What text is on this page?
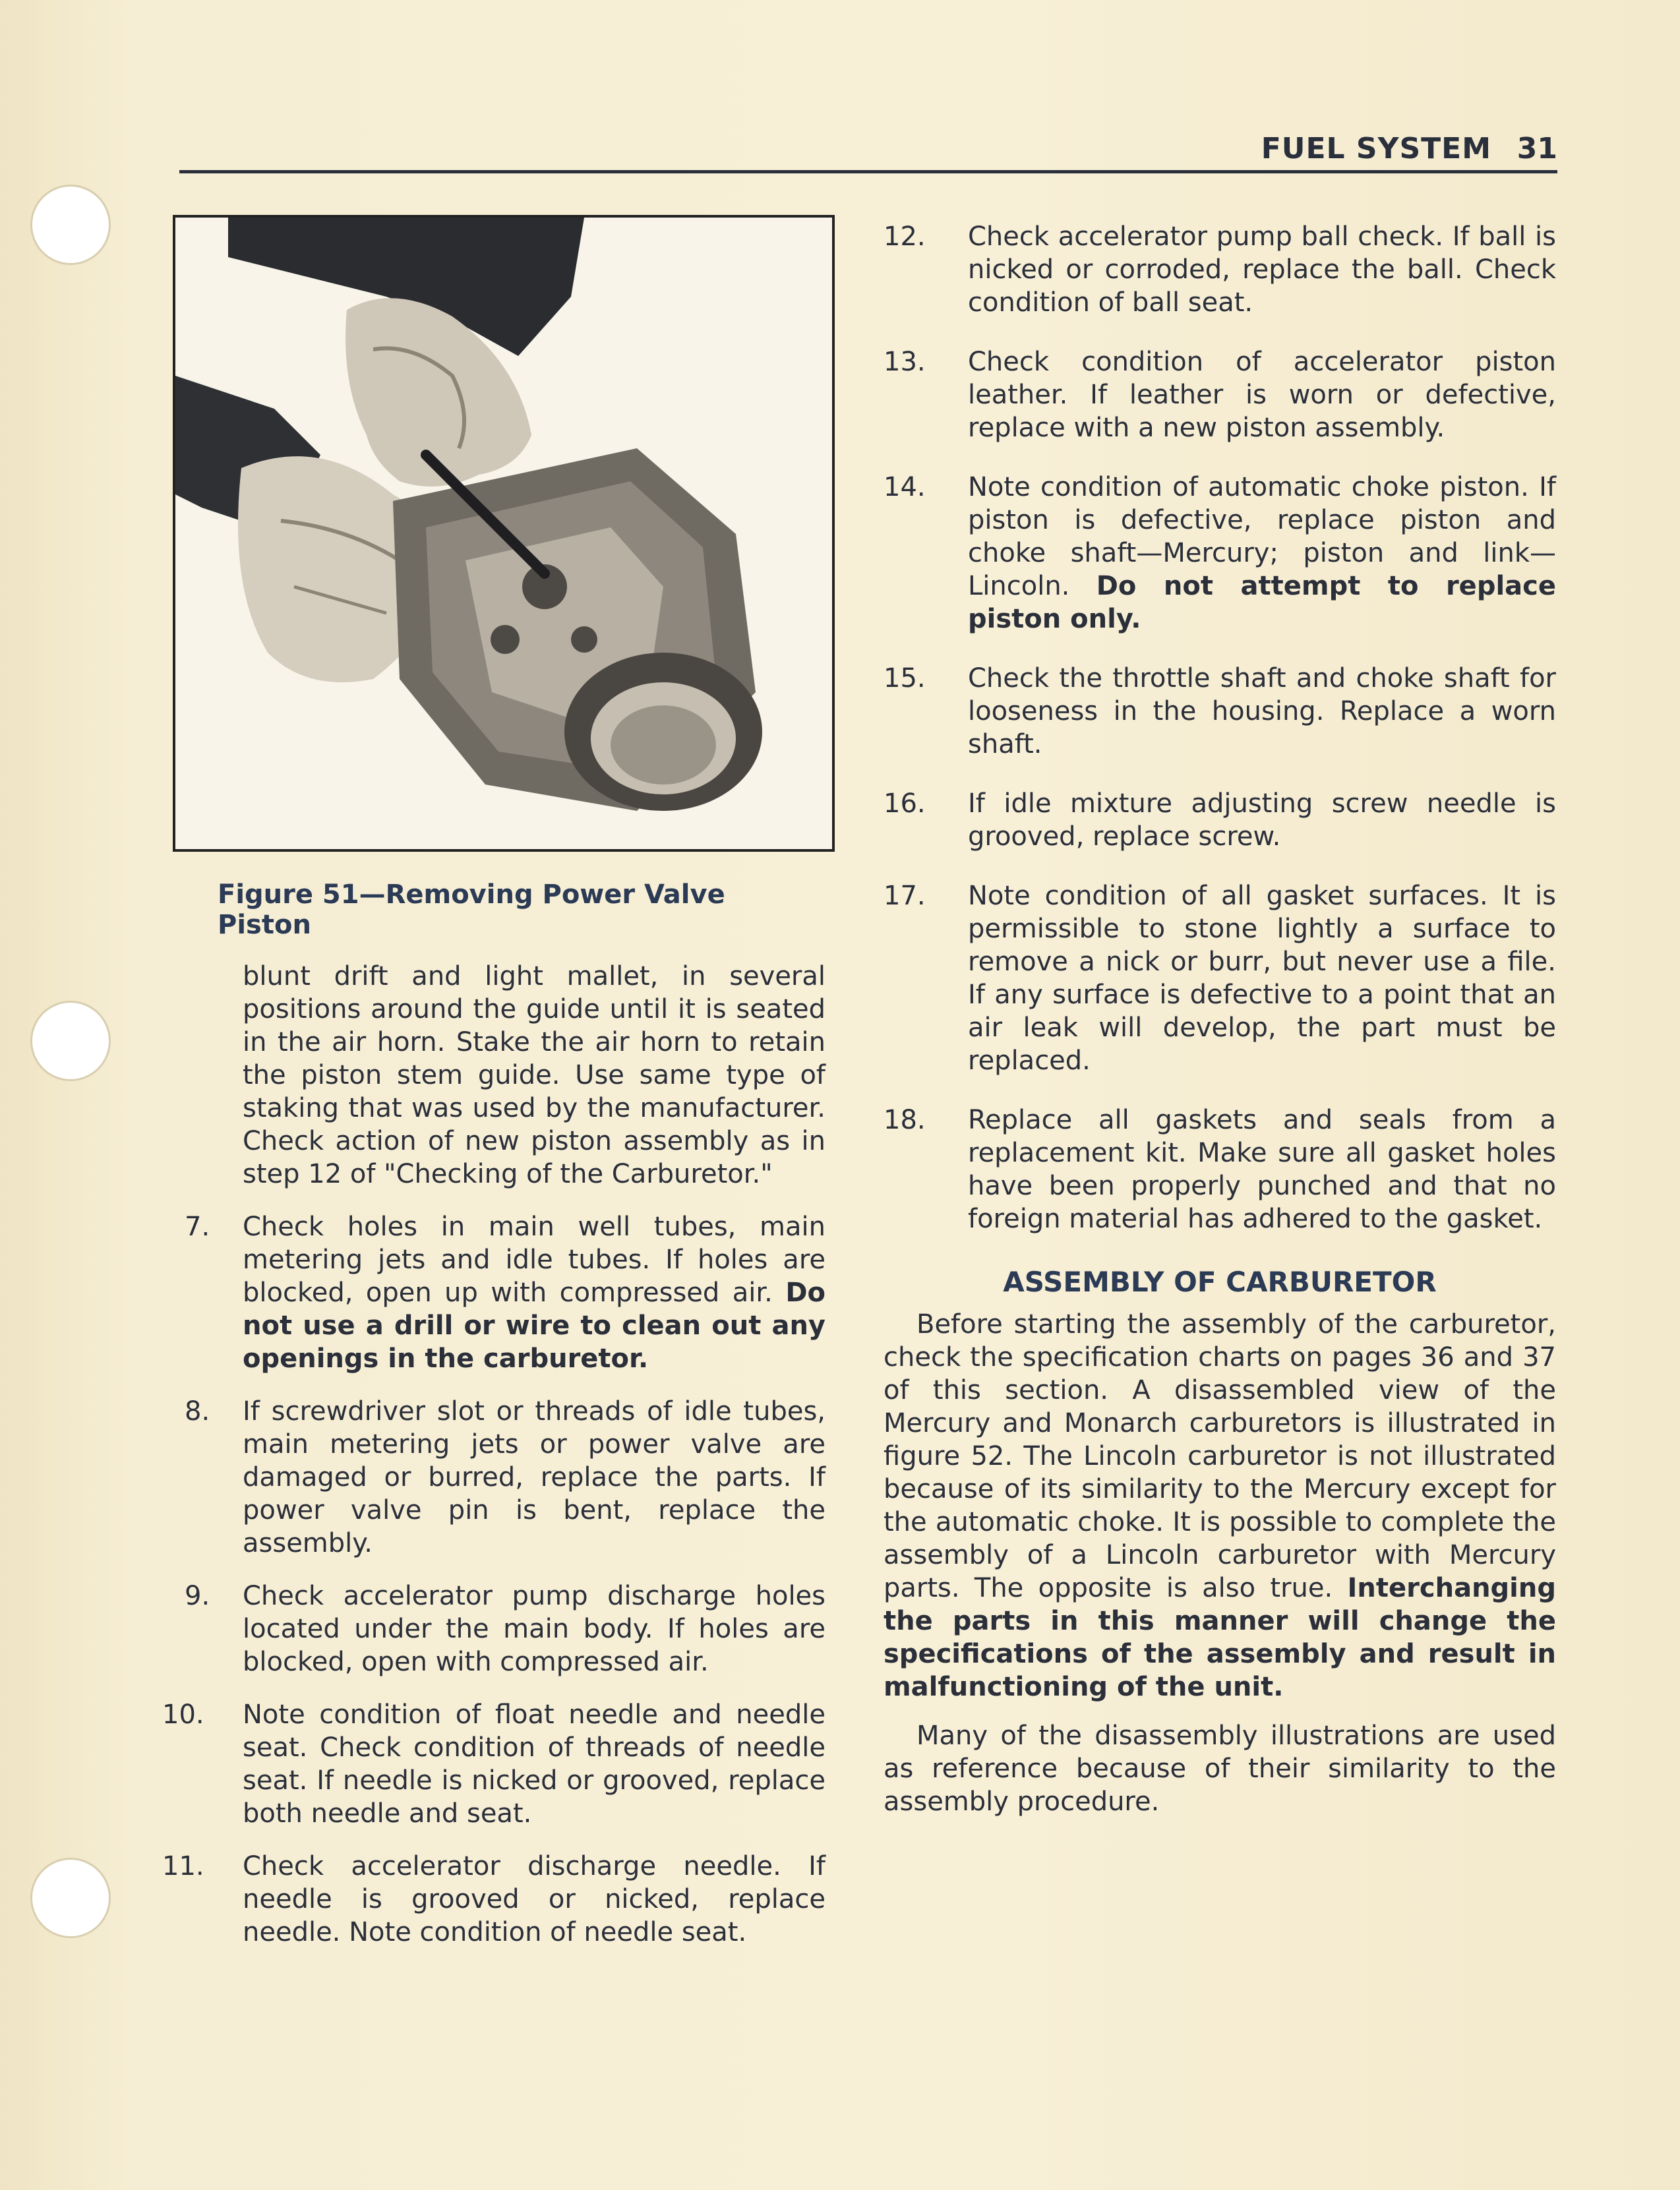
FUEL SYSTEM 31
Figure 51—Removing Power Valve Piston

blunt drift and light mallet, in several positions around the guide until it is seated in the air horn. Stake the air horn to retain the piston stem guide. Use same type of staking that was used by the manufacturer. Check action of new piston assembly as in step 12 of "Checking of the Carburetor."

7. Check holes in main well tubes, main metering jets and idle tubes. If holes are blocked, open up with compressed air. Do not use a drill or wire to clean out any openings in the carburetor.
8. If screwdriver slot or threads of idle tubes, main metering jets or power valve are damaged or burred, replace the parts. If power valve pin is bent, replace the assembly.
9. Check accelerator pump discharge holes located under the main body. If holes are blocked, open with compressed air.
10. Note condition of float needle and needle seat. Check condition of threads of needle seat. If needle is nicked or grooved, replace both needle and seat.
11. Check accelerator discharge needle. If needle is grooved or nicked, replace needle. Note condition of needle seat.
12. Check accelerator pump ball check. If ball is nicked or corroded, replace the ball. Check condition of ball seat.
13. Check condition of accelerator piston leather. If leather is worn or defective, replace with a new piston assembly.
14. Note condition of automatic choke piston. If piston is defective, replace piston and choke shaft—Mercury; piston and link—Lincoln. Do not attempt to replace piston only.
15. Check the throttle shaft and choke shaft for looseness in the housing. Replace a worn shaft.
16. If idle mixture adjusting screw needle is grooved, replace screw.
17. Note condition of all gasket surfaces. It is permissible to stone lightly a surface to remove a nick or burr, but never use a file. If any surface is defective to a point that an air leak will develop, the part must be replaced.
18. Replace all gaskets and seals from a replacement kit. Make sure all gasket holes have been properly punched and that no foreign material has adhered to the gasket.
ASSEMBLY OF CARBURETOR

Before starting the assembly of the carburetor, check the specification charts on pages 36 and 37 of this section. A disassembled view of the Mercury and Monarch carburetors is illustrated in figure 52. The Lincoln carburetor is not illustrated because of its similarity to the Mercury except for the automatic choke. It is possible to complete the assembly of a Lincoln carburetor with Mercury parts. The opposite is also true. Interchanging the parts in this manner will change the specifications of the assembly and result in malfunctioning of the unit.

Many of the disassembly illustrations are used as reference because of their similarity to the assembly procedure.
